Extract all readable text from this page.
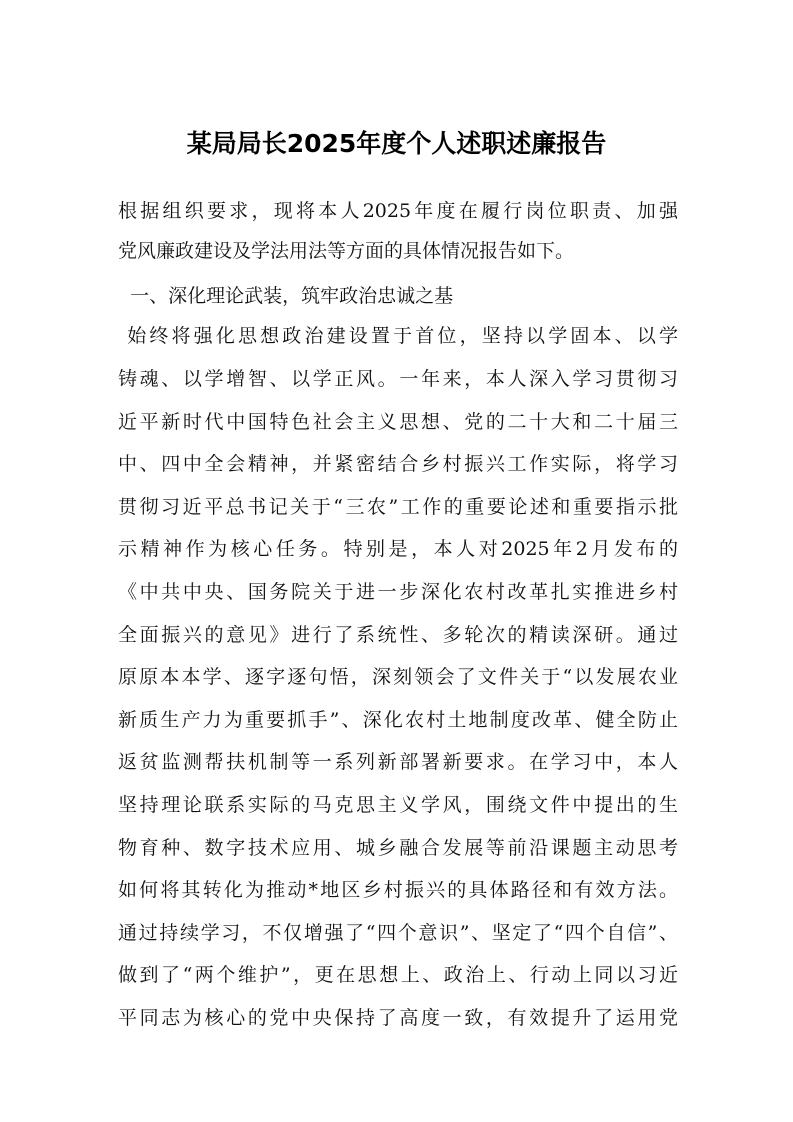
某局局长2025年度个人述职述廉报告
根据组织要求，现将本人2025年度在履行岗位职责、加强
党风廉政建设及学法用法等方面的具体情况报告如下。
一、深化理论武装，筑牢政治忠诚之基
始终将强化思想政治建设置于首位，坚持以学固本、以学
铸魂、以学增智、以学正风。一年来，本人深入学习贯彻习
近平新时代中国特色社会主义思想、党的二十大和二十届三
中、四中全会精神，并紧密结合乡村振兴工作实际，将学习
贯彻习近平总书记关于“三农”工作的重要论述和重要指示批
示精神作为核心任务。特别是，本人对2025年2月发布的
《中共中央、国务院关于进一步深化农村改革扎实推进乡村
全面振兴的意见》进行了系统性、多轮次的精读深研。通过
原原本本学、逐字逐句悟，深刻领会了文件关于“以发展农业
新质生产力为重要抓手”、深化农村土地制度改革、健全防止
返贫监测帮扶机制等一系列新部署新要求。在学习中，本人
坚持理论联系实际的马克思主义学风，围绕文件中提出的生
物育种、数字技术应用、城乡融合发展等前沿课题主动思考
如何将其转化为推动*地区乡村振兴的具体路径和有效方法。
通过持续学习，不仅增强了“四个意识”、坚定了“四个自信”、
做到了“两个维护”，更在思想上、政治上、行动上同以习近
平同志为核心的党中央保持了高度一致，有效提升了运用党
